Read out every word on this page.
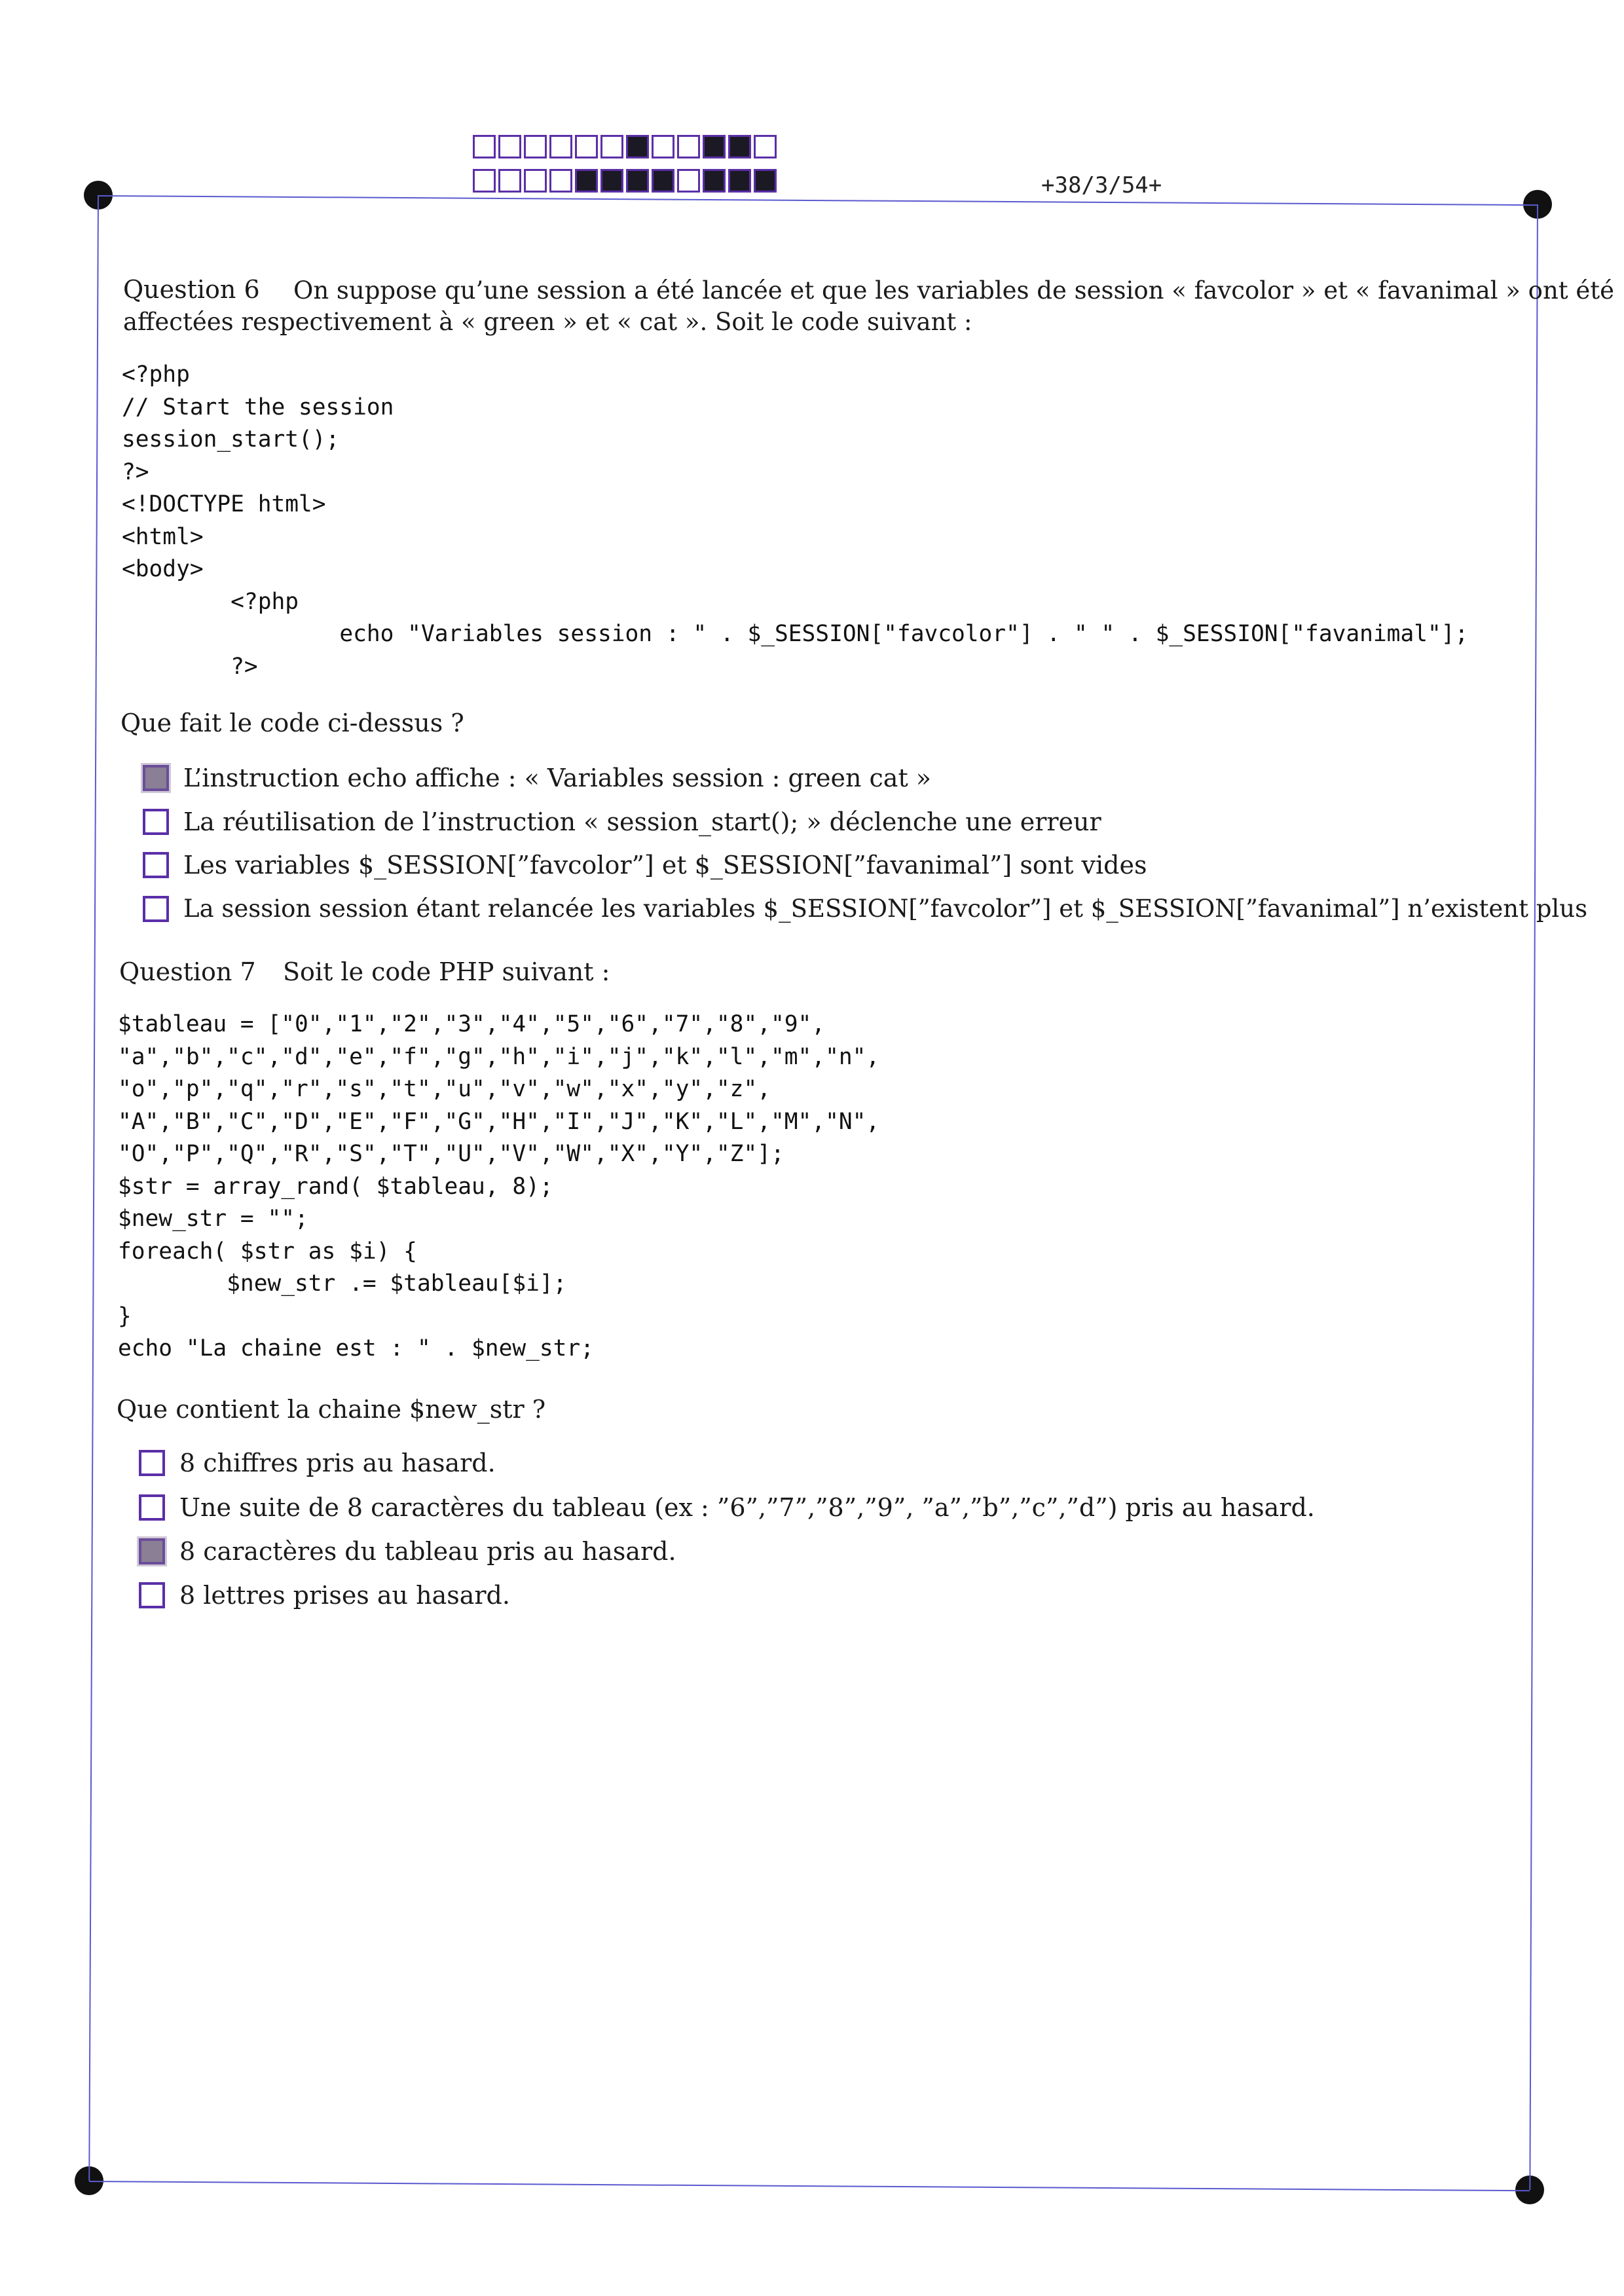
+38/3/54+
Question 6 On suppose qu’une session a été lancée et que les variables de session « favcolor » et « favanimal » ont été
affectées respectivement à « green » et « cat ». Soit le code suivant :
<?php
// Start the session
session_start();
?>
<!DOCTYPE html>
<html>
<body>
<?php
echo "Variables session : " . $_SESSION["favcolor"] . " " . $_SESSION["favanimal"];
?>
Que fait le code ci-dessus ?
L’instruction echo affiche : « Variables session : green cat »
La réutilisation de l’instruction « session_start(); » déclenche une erreur
Les variables $_SESSION[”favcolor”] et $_SESSION[”favanimal”] sont vides
La session session étant relancée les variables $_SESSION[”favcolor”] et $_SESSION[”favanimal”] n’existent plus
Question 7 Soit le code PHP suivant :
$tableau = ["0","1","2","3","4","5","6","7","8","9",
"a","b","c","d","e","f","g","h","i","j","k","l","m","n",
"o","p","q","r","s","t","u","v","w","x","y","z",
"A","B","C","D","E","F","G","H","I","J","K","L","M","N",
"O","P","Q","R","S","T","U","V","W","X","Y","Z"];
$str = array_rand( $tableau, 8);
$new_str = "";
foreach( $str as $i) {
$new_str .= $tableau[$i];
}
echo "La chaine est : " . $new_str;
Que contient la chaine $new_str ?
8 chiffres pris au hasard.
Une suite de 8 caractères du tableau (ex : ”6”,”7”,”8”,”9”, ”a”,”b”,”c”,”d”) pris au hasard.
8 caractères du tableau pris au hasard.
8 lettres prises au hasard.
